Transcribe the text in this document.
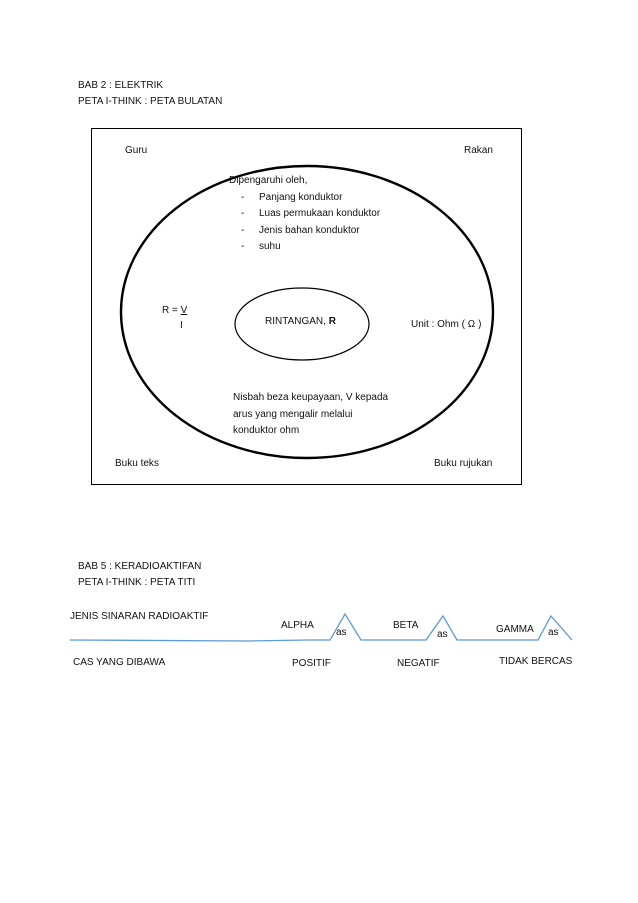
BAB 2 : ELEKTRIK
PETA I-THINK : PETA BULATAN
Guru	Rakan
Buku teks	Buku rujukan
Dipengaruhi oleh,
- Panjang konduktor
- Luas permukaan konduktor
- Jenis bahan konduktor
- suhu
R = V
I	RINTANGAN, R	Unit : Ohm ( Ω )
Nisbah beza keupayaan, V kepada
arus yang mengalir melalui
konduktor ohm
BAB 5 : KERADIOAKTIFAN
PETA I-THINK : PETA TITI
JENIS SINARAN RADIOAKTIF
CAS YANG DIBAWA
ALPHA
POSITIF
BETA
NEGATIF
GAMMA
TIDAK BERCAS
as	as	as
